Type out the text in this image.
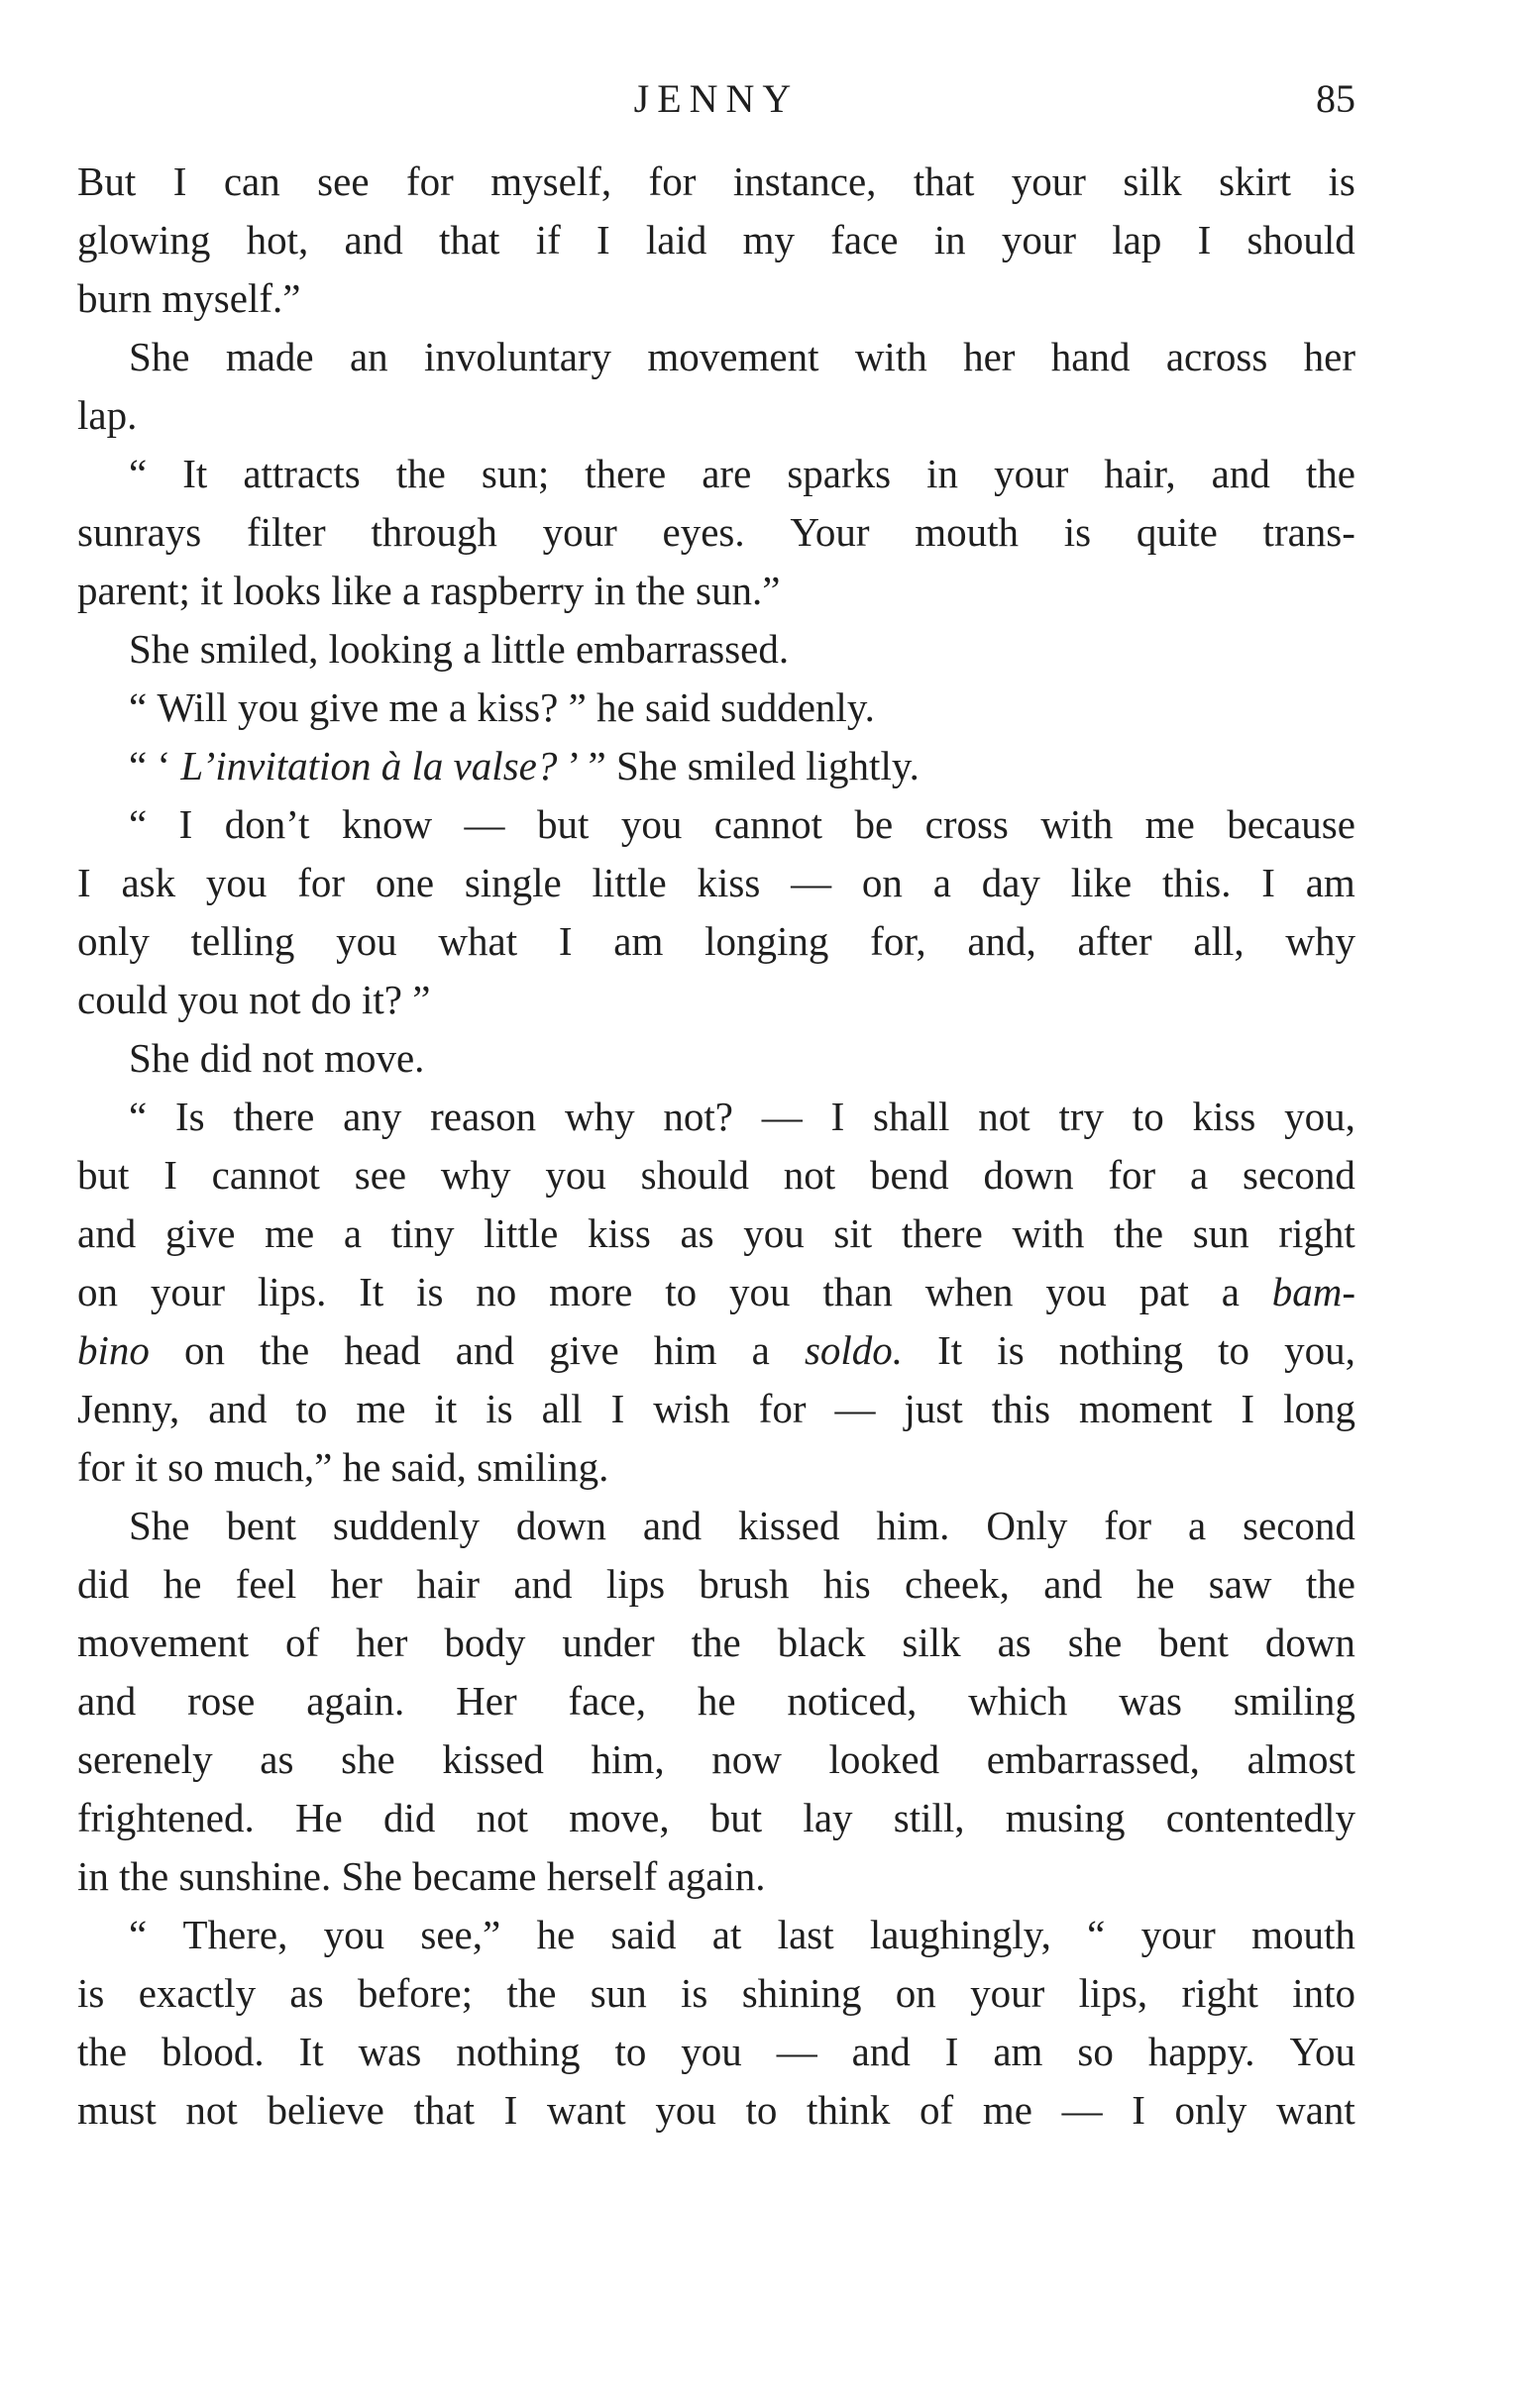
JENNY	85
But I can see for myself, for instance, that your silk skirt is
glowing hot, and that if I laid my face in your lap I should
burn myself.”
She made an involuntary movement with her hand across her
lap.
“ It attracts the sun; there are sparks in your hair, and the
sunrays filter through your eyes. Your mouth is quite trans-
parent; it looks like a raspberry in the sun.”
She smiled, looking a little embarrassed.
“ Will you give me a kiss? ” he said suddenly.
“ ‘ L’invitation à la valse? ’ ” She smiled lightly.
“ I don’t know — but you cannot be cross with me because
I ask you for one single little kiss — on a day like this. I am
only telling you what I am longing for, and, after all, why
could you not do it? ”
She did not move.
“ Is there any reason why not? — I shall not try to kiss you,
but I cannot see why you should not bend down for a second
and give me a tiny little kiss as you sit there with the sun right
on your lips. It is no more to you than when you pat a bam-
bino on the head and give him a soldo. It is nothing to you,
Jenny, and to me it is all I wish for — just this moment I long
for it so much,” he said, smiling.
She bent suddenly down and kissed him. Only for a second
did he feel her hair and lips brush his cheek, and he saw the
movement of her body under the black silk as she bent down
and rose again. Her face, he noticed, which was smiling
serenely as she kissed him, now looked embarrassed, almost
frightened. He did not move, but lay still, musing contentedly
in the sunshine. She became herself again.
“ There, you see,” he said at last laughingly, “ your mouth
is exactly as before; the sun is shining on your lips, right into
the blood. It was nothing to you — and I am so happy. You
must not believe that I want you to think of me — I only want
